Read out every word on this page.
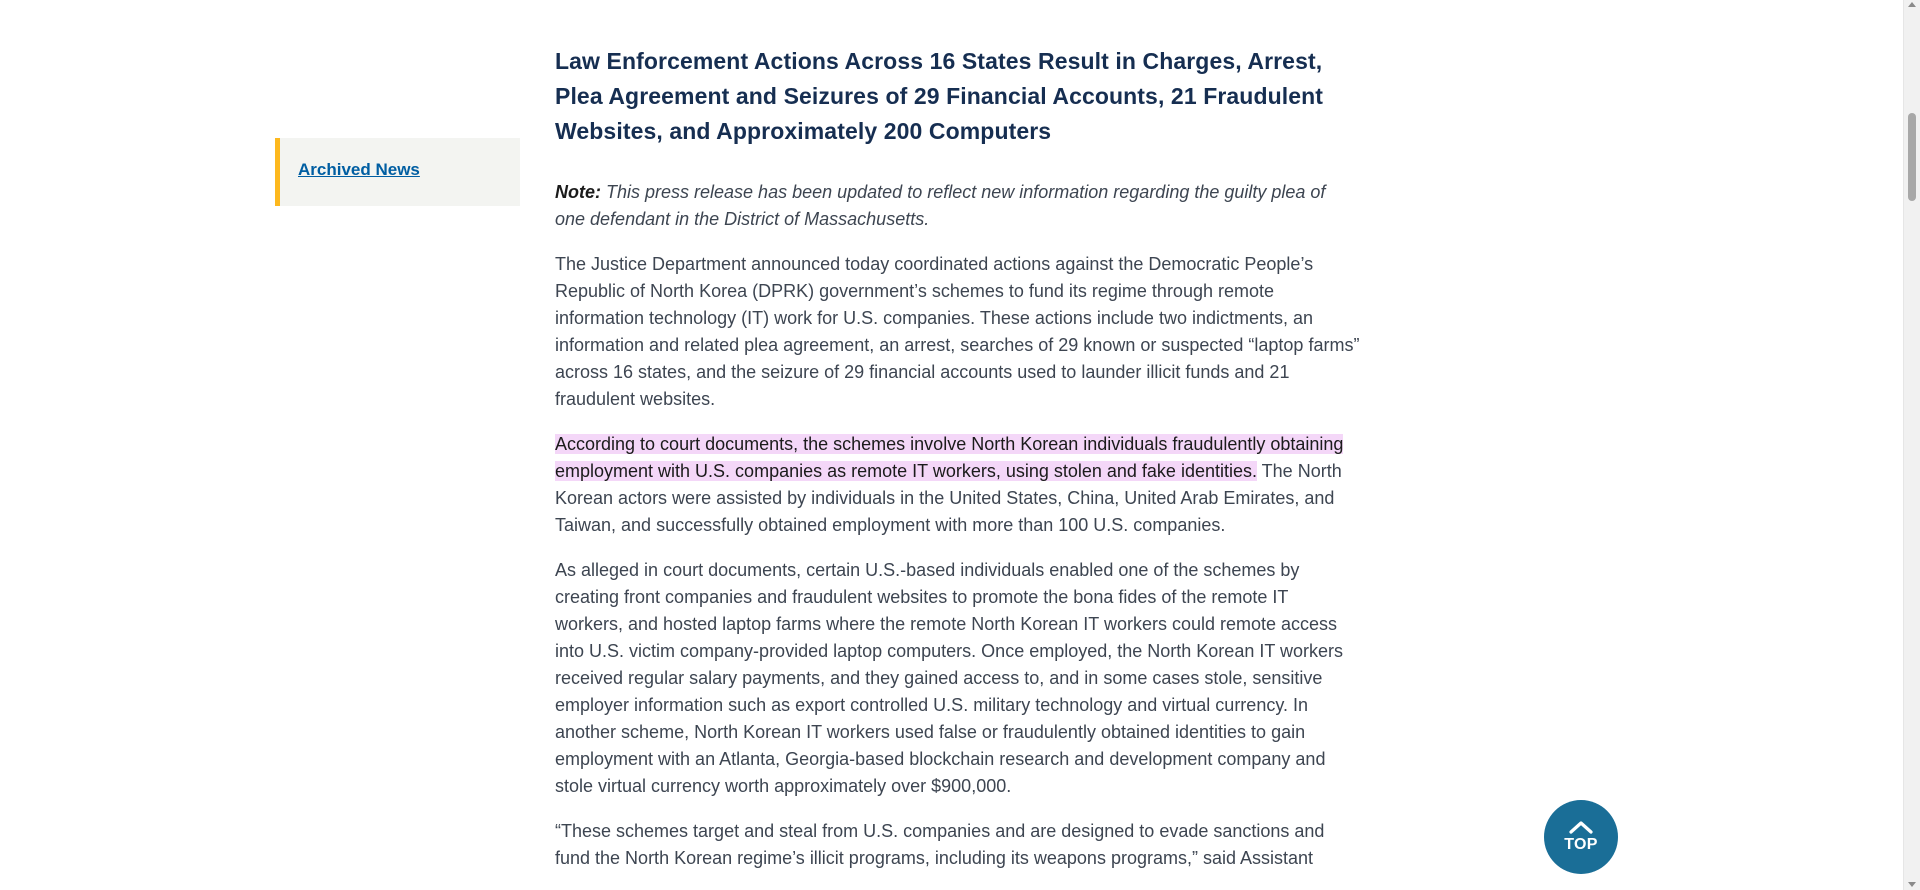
Archived News
Law Enforcement Actions Across 16 States Result in Charges, Arrest, Plea Agreement and Seizures of 29 Financial Accounts, 21 Fraudulent Websites, and Approximately 200 Computers

Note: This press release has been updated to reflect new information regarding the guilty plea of one defendant in the District of Massachusetts.

The Justice Department announced today coordinated actions against the Democratic People’s Republic of North Korea (DPRK) government’s schemes to fund its regime through remote information technology (IT) work for U.S. companies. These actions include two indictments, an information and related plea agreement, an arrest, searches of 29 known or suspected “laptop farms” across 16 states, and the seizure of 29 financial accounts used to launder illicit funds and 21 fraudulent websites.

According to court documents, the schemes involve North Korean individuals fraudulently obtaining employment with U.S. companies as remote IT workers, using stolen and fake identities. The North Korean actors were assisted by individuals in the United States, China, United Arab Emirates, and Taiwan, and successfully obtained employment with more than 100 U.S. companies.

As alleged in court documents, certain U.S.-based individuals enabled one of the schemes by creating front companies and fraudulent websites to promote the bona fides of the remote IT workers, and hosted laptop farms where the remote North Korean IT workers could remote access into U.S. victim company-provided laptop computers. Once employed, the North Korean IT workers received regular salary payments, and they gained access to, and in some cases stole, sensitive employer information such as export controlled U.S. military technology and virtual currency. In another scheme, North Korean IT workers used false or fraudulently obtained identities to gain employment with an Atlanta, Georgia-based blockchain research and development company and stole virtual currency worth approximately over $900,000.

“These schemes target and steal from U.S. companies and are designed to evade sanctions and fund the North Korean regime’s illicit programs, including its weapons programs,” said Assistant

TOP
